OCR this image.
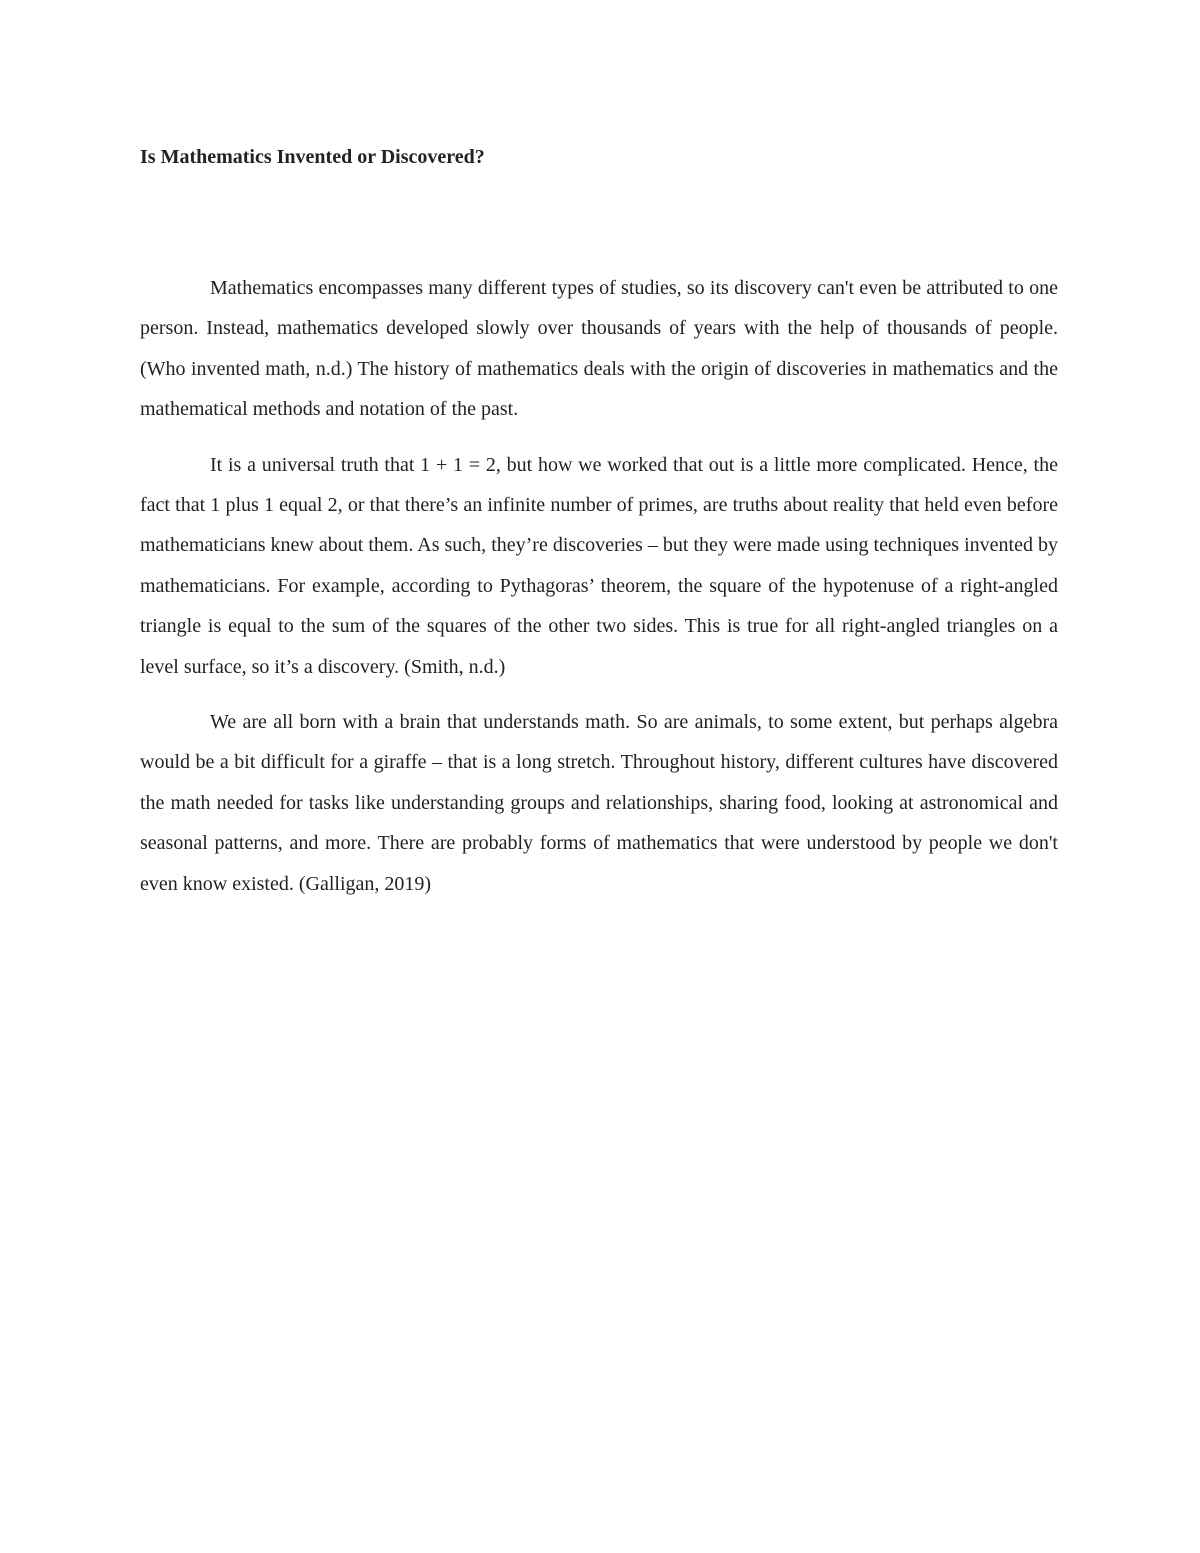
Is Mathematics Invented or Discovered?

Mathematics encompasses many different types of studies, so its discovery can't even be attributed to one person. Instead, mathematics developed slowly over thousands of years with the help of thousands of people. (Who invented math, n.d.) The history of mathematics deals with the origin of discoveries in mathematics and the mathematical methods and notation of the past.

It is a universal truth that 1 + 1 = 2, but how we worked that out is a little more complicated. Hence, the fact that 1 plus 1 equal 2, or that there’s an infinite number of primes, are truths about reality that held even before mathematicians knew about them. As such, they’re discoveries – but they were made using techniques invented by mathematicians. For example, according to Pythagoras’ theorem, the square of the hypotenuse of a right-angled triangle is equal to the sum of the squares of the other two sides. This is true for all right-angled triangles on a level surface, so it’s a discovery. (Smith, n.d.)

We are all born with a brain that understands math. So are animals, to some extent, but perhaps algebra would be a bit difficult for a giraffe – that is a long stretch. Throughout history, different cultures have discovered the math needed for tasks like understanding groups and relationships, sharing food, looking at astronomical and seasonal patterns, and more. There are probably forms of mathematics that were understood by people we don't even know existed. (Galligan, 2019)
